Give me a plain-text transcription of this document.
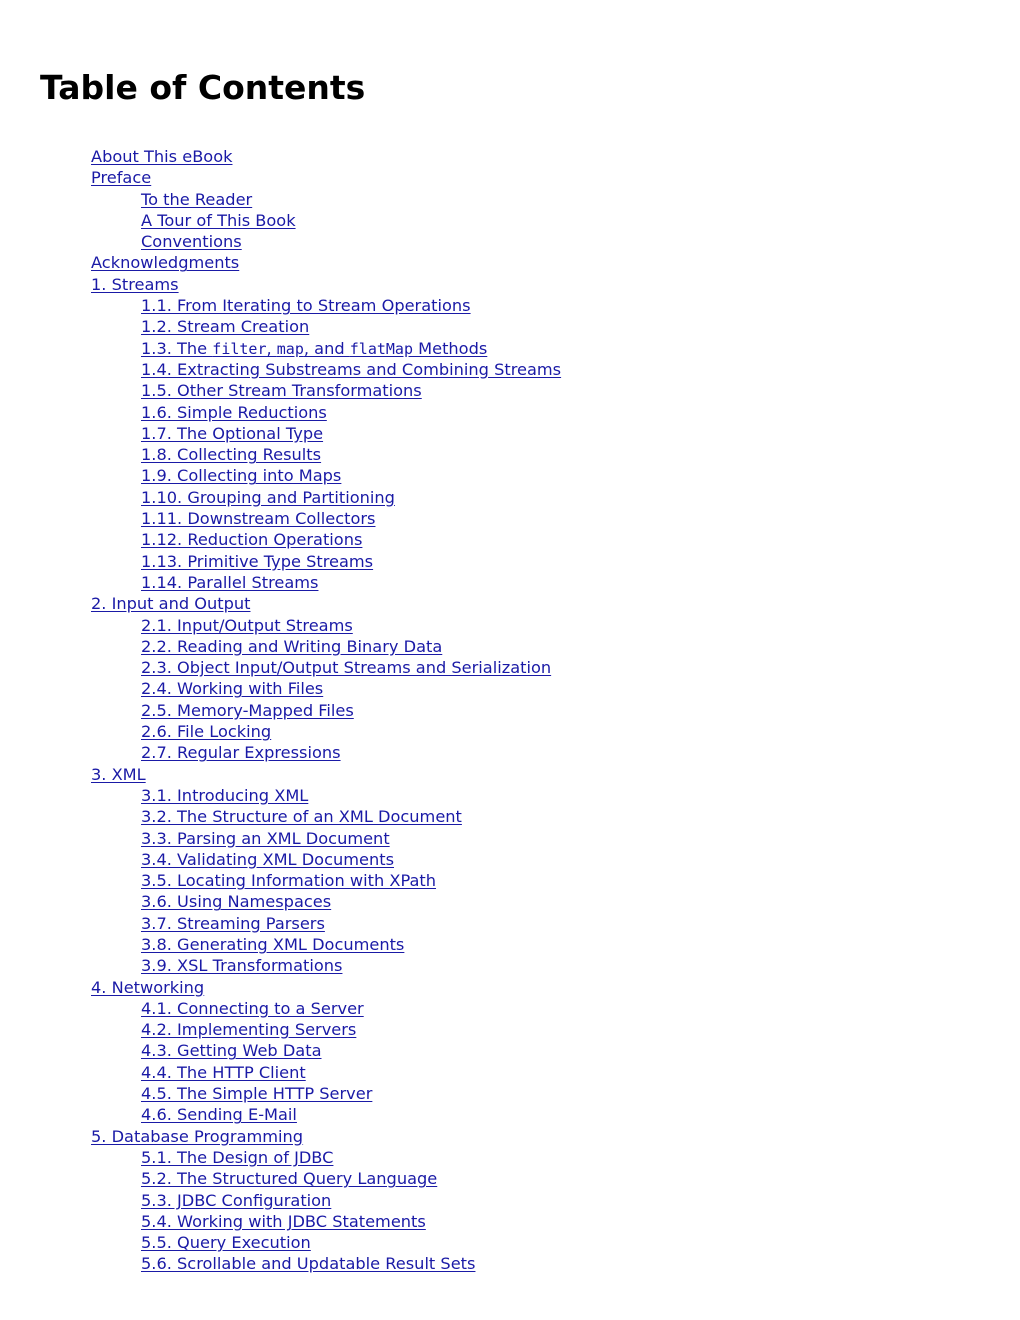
Table of Contents
About This eBook
Preface
To the Reader
A Tour of This Book
Conventions
Acknowledgments
1. Streams
1.1. From Iterating to Stream Operations
1.2. Stream Creation
1.3. The filter, map, and flatMap Methods
1.4. Extracting Substreams and Combining Streams
1.5. Other Stream Transformations
1.6. Simple Reductions
1.7. The Optional Type
1.8. Collecting Results
1.9. Collecting into Maps
1.10. Grouping and Partitioning
1.11. Downstream Collectors
1.12. Reduction Operations
1.13. Primitive Type Streams
1.14. Parallel Streams
2. Input and Output
2.1. Input/Output Streams
2.2. Reading and Writing Binary Data
2.3. Object Input/Output Streams and Serialization
2.4. Working with Files
2.5. Memory-Mapped Files
2.6. File Locking
2.7. Regular Expressions
3. XML
3.1. Introducing XML
3.2. The Structure of an XML Document
3.3. Parsing an XML Document
3.4. Validating XML Documents
3.5. Locating Information with XPath
3.6. Using Namespaces
3.7. Streaming Parsers
3.8. Generating XML Documents
3.9. XSL Transformations
4. Networking
4.1. Connecting to a Server
4.2. Implementing Servers
4.3. Getting Web Data
4.4. The HTTP Client
4.5. The Simple HTTP Server
4.6. Sending E-Mail
5. Database Programming
5.1. The Design of JDBC
5.2. The Structured Query Language
5.3. JDBC Configuration
5.4. Working with JDBC Statements
5.5. Query Execution
5.6. Scrollable and Updatable Result Sets
